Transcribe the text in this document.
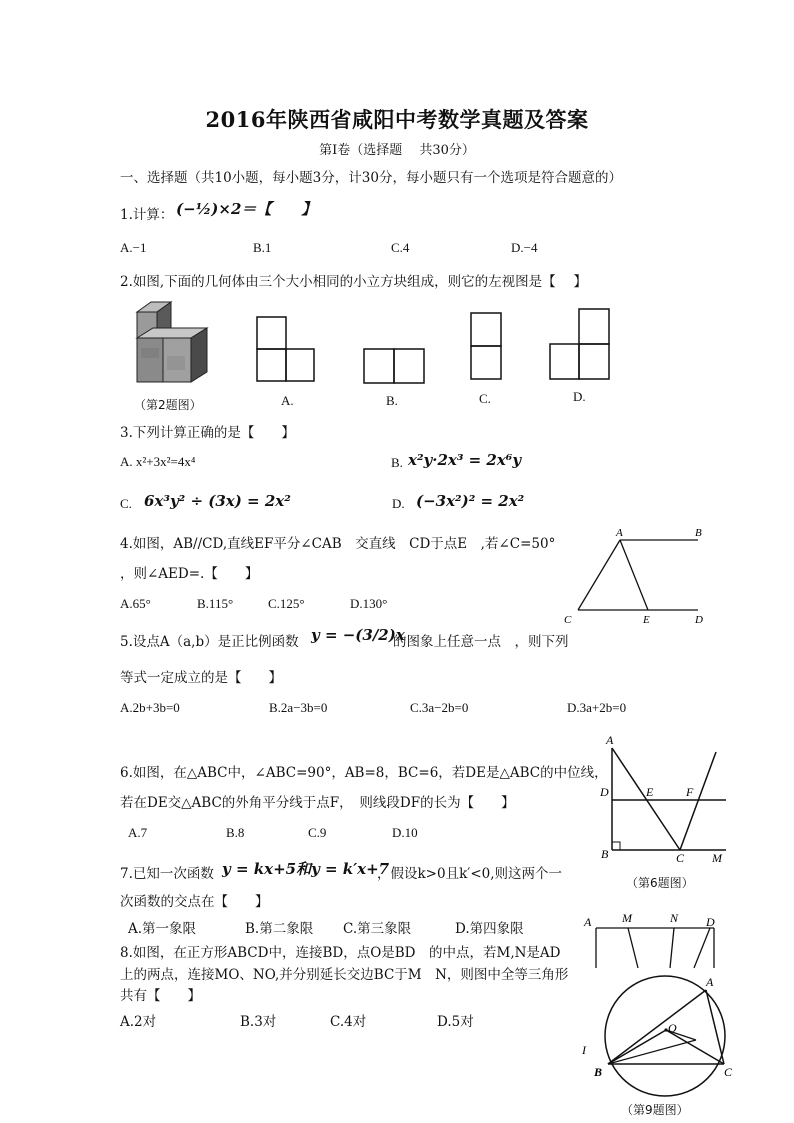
2016年陕西省咸阳中考数学真题及答案
第Ⅰ卷（选择题　 共30分）
一、选择题（共10小题，每小题3分，计30分，每小题只有一个选项是符合题意的）
1.计算： (−½)×2＝【　　】
A.−1	B.1	C.4	D.−4
2.如图,下面的几何体由三个大小相同的小立方块组成，则它的左视图是【　 】
（第2题图）	A.	B.	C.	D.
3.下列计算正确的是【　　】
A. x²+3x²=4x⁴	B. x²y·2x³ = 2x⁶y
C. 6x³y² ÷ (3x) = 2x²	D. (−3x²)² = 2x²
4.如图，AB//CD,直线EF平分∠CAB　交直线　CD于点E　,若∠C=50°
，则∠AED=.【　　】
A.65°	B.115°	C.125°	D.130°
A	B
C	E	D
5.设点A（a,b）是正比例函数 y = −(3/2)x
的图象上任意一点　，则下列
等式一定成立的是【　　】
A.2b+3b=0	B.2a−3b=0	C.3a−2b=0	D.3a+2b=0
6.如图，在△ABC中，∠ABC=90°，AB=8，BC=6，若DE是△ABC的中位线，
若在DE交△ABC的外角平分线于点F，　则线段DF的长为【　　】
A.7	B.8	C.9	D.10
A
D	E	F
B	C M
（第6题图）
7.已知一次函数 y = kx+5和y = k′x+7
，假设k>0且k′<0,则这两个一
次函数的交点在【　　】
A.第一象限	B.第二象限 C.第三象限	D.第四象限
8.如图，在正方形ABCD中，连接BD，点O是BD　的中点，若M,N是AD
上的两点，连接MO、NO,并分别延长交边BC于M　N，则图中全等三角形
共有【　　】
A.2对	B.3对	C.4对	D.5对
A	M	N D
A
O
B	C
I
（第9题图）
